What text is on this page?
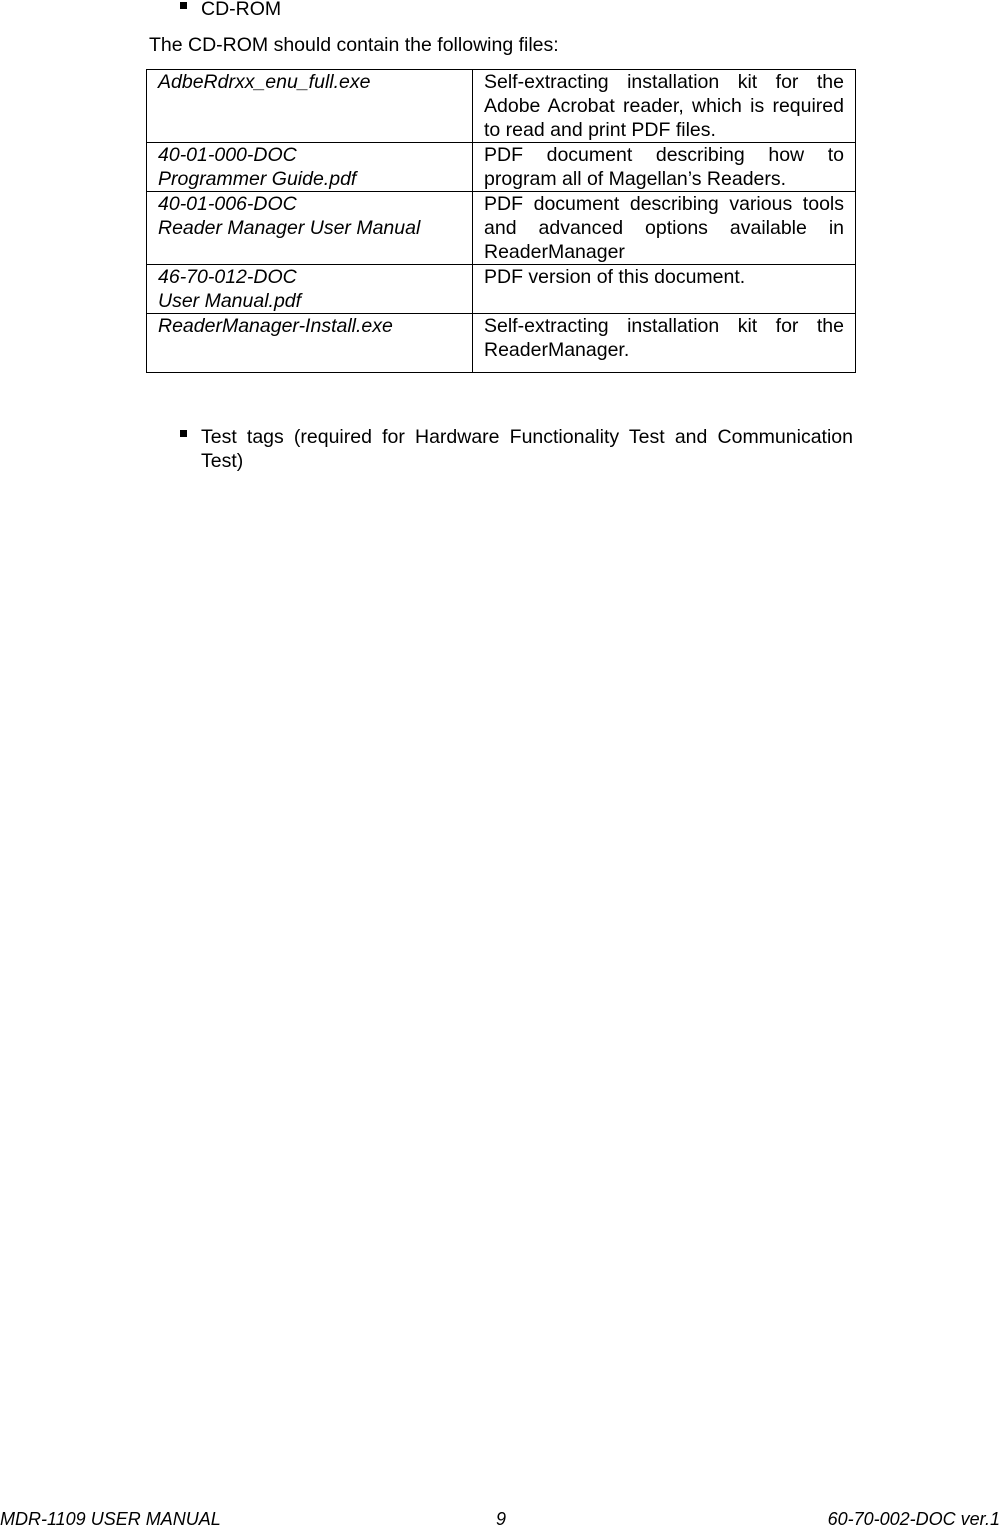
CD-ROM

The CD-ROM should contain the following files:

AdbeRdrxx_enu_full.exe	Self-extracting installation kit for the Adobe Acrobat reader, which is required to read and print PDF files.

40-01-000-DOC
Programmer Guide.pdf	PDF document describing how to program all of Magellan’s Readers.

40-01-006-DOC
Reader Manager User Manual	PDF document describing various tools and advanced options available in ReaderManager

46-70-012-DOC
User Manual.pdf	PDF version of this document.

ReaderManager-Install.exe	Self-extracting installation kit for the ReaderManager.
Test tags (required for Hardware Functionality Test and Communication Test)
MDR-1109 USER MANUAL	9	60-70-002-DOC ver.1
